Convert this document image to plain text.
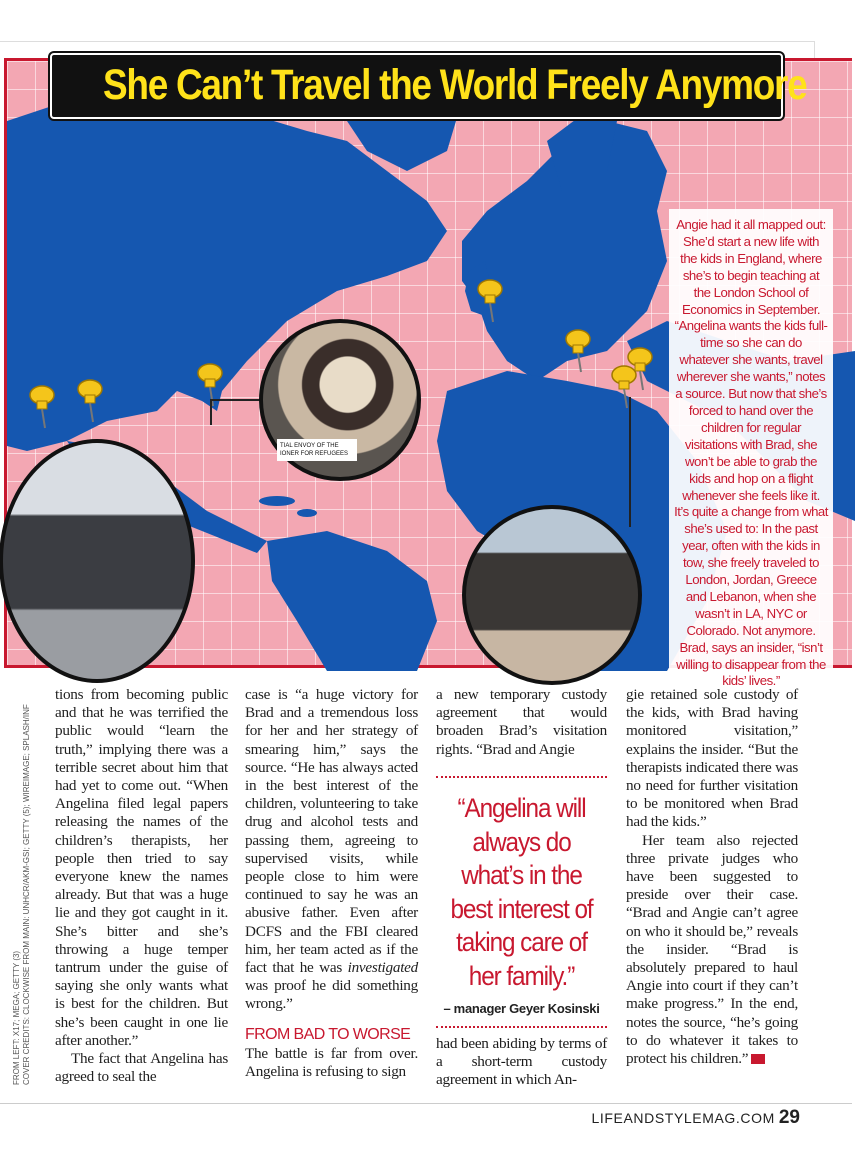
TIAL ENVOY OF THE
IONER FOR REFUGEES
Angie had it all mapped out: She’d start a new life with the kids in England, where she’s to begin teaching at the London School of Economics in September. “Angelina wants the kids full-time so she can do whatever she wants, travel wherever she wants,” notes a source. But now that she’s forced to hand over the children for regular visitations with Brad, she won’t be able to grab the kids and hop on a flight whenever she feels like it. It’s quite a change from what she’s used to: In the past year, often with the kids in tow, she freely traveled to London, Jordan, Greece and Lebanon, when she wasn’t in LA, NYC or Colorado. Not anymore. Brad, says an insider, “isn’t willing to disappear from the kids’ lives.”
She Can’t Travel the World Freely Anymore

tions from becoming public and that he was terrified the public would “learn the truth,” implying there was a terrible secret about him that had yet to come out. “When Angelina filed legal papers releasing the names of the children’s therapists, her people then tried to say everyone knew the names already. But that was a huge lie and they got caught in it. She’s bitter and she’s throwing a huge temper tantrum under the guise of saying she only wants what is best for the children. But she’s been caught in one lie after another.”

The fact that Angelina has agreed to seal the

case is “a huge victory for Brad and a tremendous loss for her and her strategy of smearing him,” says the source. “He has always acted in the best interest of the children, volunteering to take drug and alcohol tests and passing them, agreeing to supervised visits, while people close to him were continued to say he was an abusive father. Even after DCFS and the FBI cleared him, her team acted as if the fact that he was investigated was proof he did something wrong.”

FROM BAD TO WORSE

The battle is far from over. Angelina is refusing to sign

a new temporary custody agreement that would broaden Brad’s visitation rights. “Brad and Angie

“Angelina will always do what’s in the best interest of taking care of her family.”
– manager Geyer Kosinski

had been abiding by terms of a short-term custody agreement in which An-

gie retained sole custody of the kids, with Brad having monitored visitation,” explains the insider. “But the therapists indicated there was no need for further visitation to be monitored when Brad had the kids.”

Her team also rejected three private judges who have been suggested to preside over their case. “Brad and Angie can’t agree on who it should be,” reveals the insider. “Brad is absolutely prepared to haul Angie into court if they can’t make progress.” In the end, notes the source, “he’s going to do whatever it takes to protect his children.”

FROM LEFT: X17; MEGA; GETTY (3)
COVER CREDITS: CLOCKWISE FROM MAIN: UNHCR/AKM-GSI; GETTY (5); WIREIMAGE; SPLASH/INF
LIFEANDSTYLEMAG.COM 29
